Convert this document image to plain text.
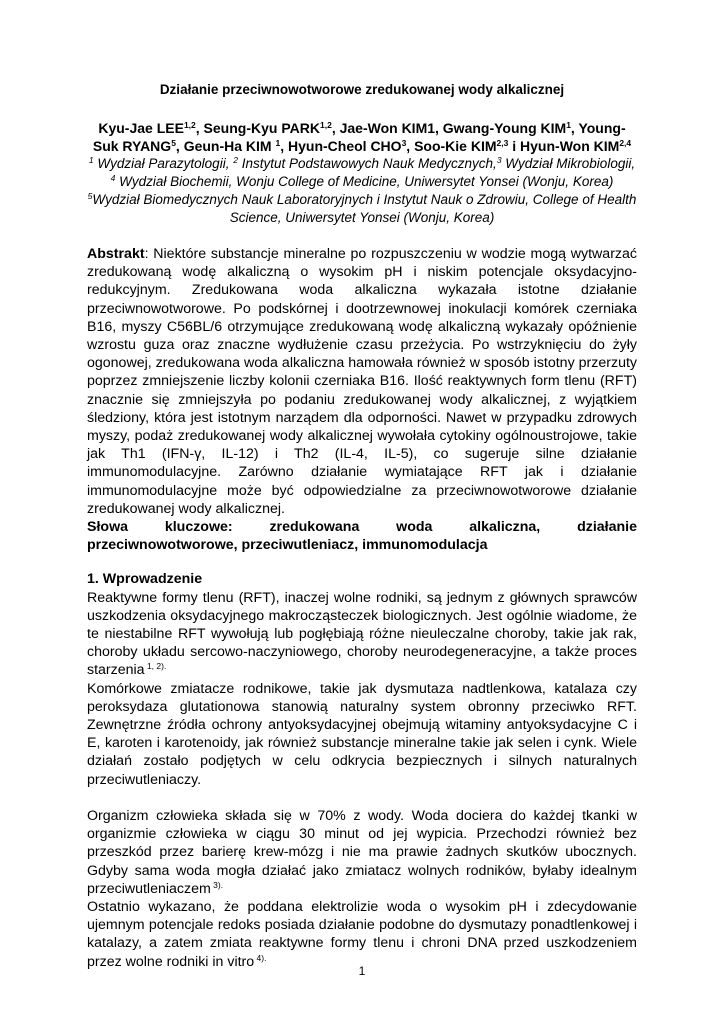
Działanie przeciwnowotworowe zredukowanej wody alkalicznej
Kyu-Jae LEE$^{1,2}$, Seung-Kyu PARK$^{1,2}$, Jae-Won KIM1, Gwang-Young KIM$^1$, Young-Suk RYANG$^5$, Geun-Ha KIM $^1$, Hyun-Cheol CHO$^3$, Soo-Kie KIM$^{2,3}$ i Hyun-Won KIM$^{2,4}$
$^1$ Wydział Parazytologii, $^2$ Instytut Podstawowych Nauk Medycznych,$^3$ Wydział Mikrobiologii, $^4$ Wydział Biochemii, Wonju College of Medicine, Uniwersytet Yonsei (Wonju, Korea)
$^5$Wydział Biomedycznych Nauk Laboratoryjnych i Instytut Nauk o Zdrowiu, College of Health Science, Uniwersytet Yonsei (Wonju, Korea)
Abstrakt: Niektóre substancje mineralne po rozpuszczeniu w wodzie mogą wytwarzać zredukowaną wodę alkaliczną o wysokim pH i niskim potencjale oksydacyjno-redukcyjnym. Zredukowana woda alkaliczna wykazała istotne działanie przeciwnowotworowe. Po podskórnej i dootrzewnowej inokulacji komórek czerniaka B16, myszy C56BL/6 otrzymujące zredukowaną wodę alkaliczną wykazały opóźnienie wzrostu guza oraz znaczne wydłużenie czasu przeżycia. Po wstrzyknięciu do żyły ogonowej, zredukowana woda alkaliczna hamowała również w sposób istotny przerzuty poprzez zmniejszenie liczby kolonii czerniaka B16. Ilość reaktywnych form tlenu (RFT) znacznie się zmniejszyła po podaniu zredukowanej wody alkalicznej, z wyjątkiem śledziony, która jest istotnym narządem dla odporności. Nawet w przypadku zdrowych myszy, podaż zredukowanej wody alkalicznej wywołała cytokiny ogólnoustrojowe, takie jak Th1 (IFN-γ, IL-12) i Th2 (IL-4, IL-5), co sugeruje silne działanie immunomodulacyjne. Zarówno działanie wymiatające RFT jak i działanie immunomodulacyjne może być odpowiedzialne za przeciwnowotworowe działanie zredukowanej wody alkalicznej.
Słowa kluczowe: zredukowana woda alkaliczna, działanie
przeciwnowotworowe, przeciwutleniacz, immunomodulacja
1. Wprowadzenie

Reaktywne formy tlenu (RFT), inaczej wolne rodniki, są jednym z głównych sprawców uszkodzenia oksydacyjnego makrocząsteczek biologicznych. Jest ogólnie wiadome, że te niestabilne RFT wywołują lub pogłębiają różne nieuleczalne choroby, takie jak rak, choroby układu sercowo-naczyniowego, choroby neurodegeneracyjne, a także proces starzenia $^{1, 2).}$

Komórkowe zmiatacze rodnikowe, takie jak dysmutaza nadtlenkowa, katalaza czy peroksydaza glutationowa stanowią naturalny system obronny przeciwko RFT. Zewnętrzne źródła ochrony antyoksydacyjnej obejmują witaminy antyoksydacyjne C i E, karoten i karotenoidy, jak również substancje mineralne takie jak selen i cynk. Wiele działań zostało podjętych w celu odkrycia bezpiecznych i silnych naturalnych przeciwutleniaczy.

Organizm człowieka składa się w 70% z wody. Woda dociera do każdej tkanki w organizmie człowieka w ciągu 30 minut od jej wypicia. Przechodzi również bez przeszkód przez barierę krew-mózg i nie ma prawie żadnych skutków ubocznych. Gdyby sama woda mogła działać jako zmiatacz wolnych rodników, byłaby idealnym przeciwutleniaczem $^{3).}$

Ostatnio wykazano, że poddana elektrolizie woda o wysokim pH i zdecydowanie ujemnym potencjale redoks posiada działanie podobne do dysmutazy ponadtlenkowej i katalazy, a zatem zmiata reaktywne formy tlenu i chroni DNA przed uszkodzeniem przez wolne rodniki in vitro $^{4).}$

1
